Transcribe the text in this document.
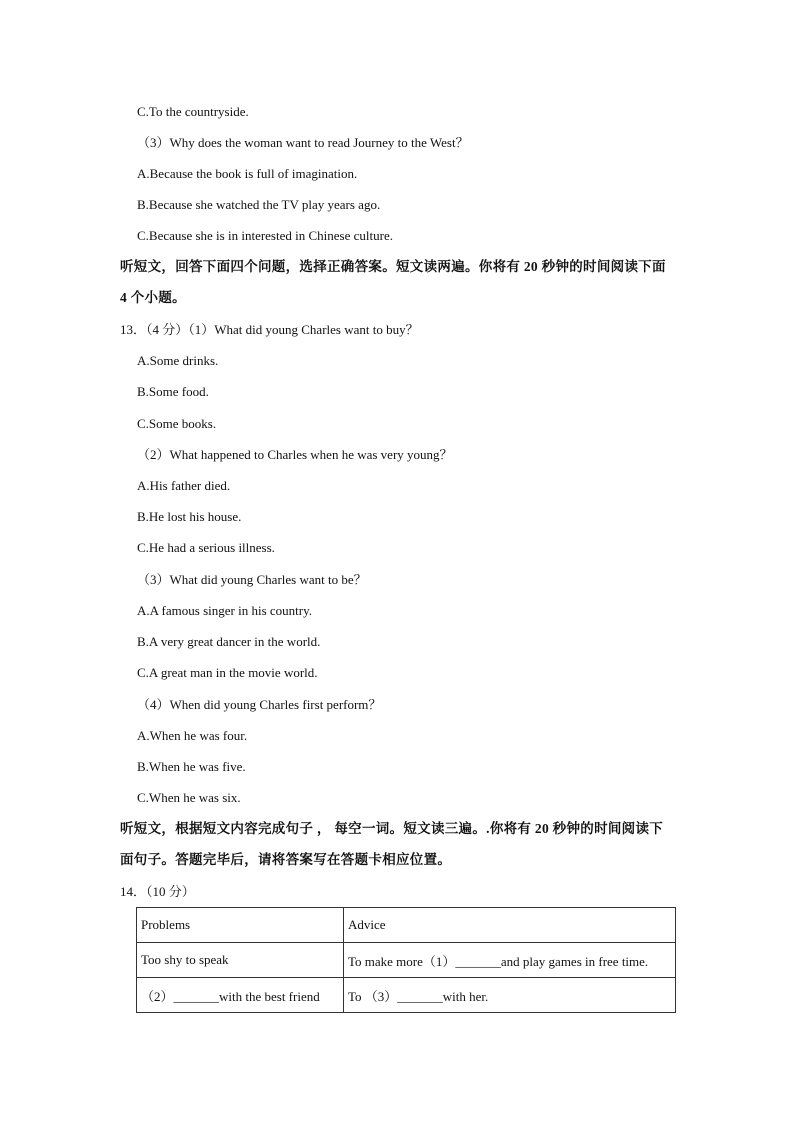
C.To the countryside.
（3）Why does the woman want to read Journey to the West？
A.Because the book is full of imagination.
B.Because she watched the TV play years ago.
C.Because she is in interested in Chinese culture.
听短文，回答下面四个问题，选择正确答案。短文读两遍。你将有 20 秒钟的时间阅读下面
4 个小题。
13．（4 分）（1）What did young Charles want to buy？
A.Some drinks.
B.Some food.
C.Some books.
（2）What happened to Charles when he was very young？
A.His father died.
B.He lost his house.
C.He had a serious illness.
（3）What did young Charles want to be？
A.A famous singer in his country.
B.A very great dancer in the world.
C.A great man in the movie world.
（4）When did young Charles first perform？
A.When he was four.
B.When he was five.
C.When he was six.
听短文，根据短文内容完成句子 ， 每空一词。短文读三遍。.你将有 20 秒钟的时间阅读下
面句子。答题完毕后，请将答案写在答题卡相应位置。
14．（10 分）
Problems	Advice
Too shy to speak	To make more（1）_______and play games in free time.
（2）_______with the best friend	To （3）_______with her.
